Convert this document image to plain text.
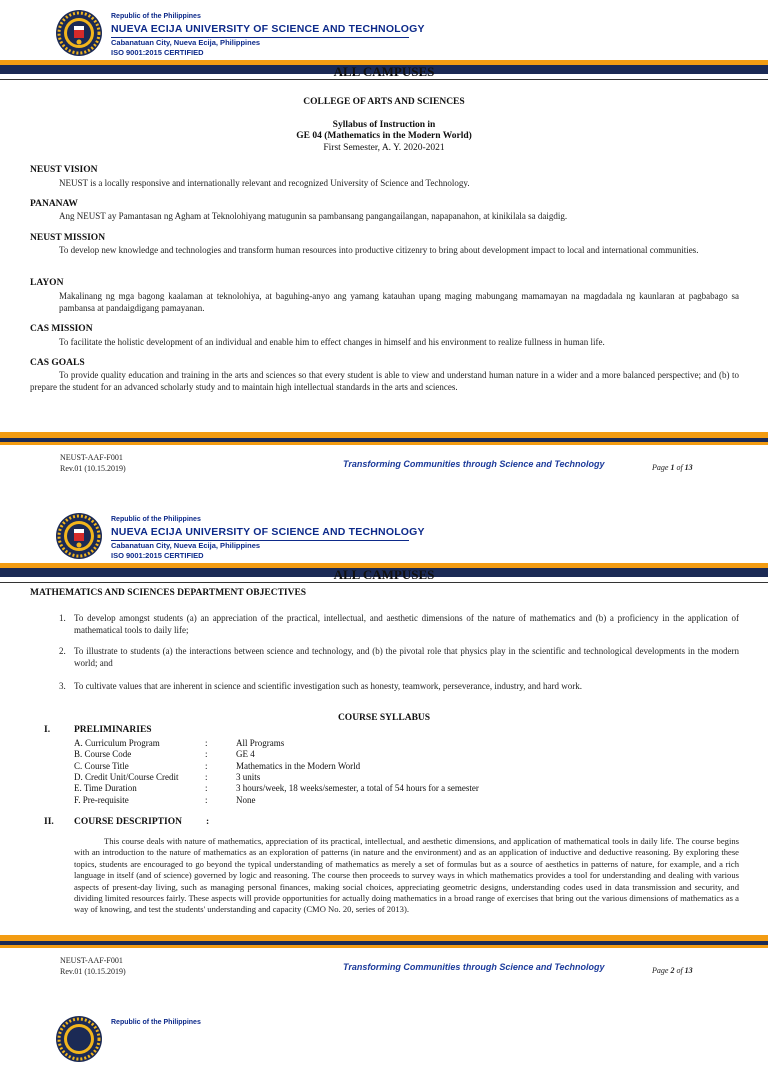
Republic of the Philippines
NUEVA ECIJA UNIVERSITY OF SCIENCE AND TECHNOLOGY
Cabanatuan City, Nueva Ecija, Philippines
ISO 9001:2015 CERTIFIED
ALL CAMPUSES
COLLEGE OF ARTS AND SCIENCES
Syllabus of Instruction in
GE 04 (Mathematics in the Modern World)
First Semester, A. Y. 2020-2021
NEUST VISION
NEUST is a locally responsive and internationally relevant and recognized University of Science and Technology.
PANANAW
Ang NEUST ay Pamantasan ng Agham at Teknolohiyang matugunin sa pambansang pangangailangan, napapanahon, at kinikilala sa daigdig.
NEUST MISSION
To develop new knowledge and technologies and transform human resources into productive citizenry to bring about development impact to local and international communities.
LAYON
Makalinang ng mga bagong kaalaman at teknolohiya, at baguhing-anyo ang yamang katauhan upang maging mabungang mamamayan na magdadala ng kaunlaran at pagbabago sa pambansa at pandaigdigang pamayanan.
CAS MISSION
To facilitate the holistic development of an individual and enable him to effect changes in himself and his environment to realize fullness in human life.
CAS GOALS
To provide quality education and training in the arts and sciences so that every student is able to view and understand human nature in a wider and a more balanced perspective; and (b) to prepare the student for an advanced scholarly study and to maintain high intellectual standards in the arts and sciences.
NEUST-AAF-F001
Rev.01 (10.15.2019)	Transforming Communities through Science and Technology	Page 1 of 13
Republic of the Philippines
NUEVA ECIJA UNIVERSITY OF SCIENCE AND TECHNOLOGY
Cabanatuan City, Nueva Ecija, Philippines
ISO 9001:2015 CERTIFIED
ALL CAMPUSES
MATHEMATICS AND SCIENCES DEPARTMENT OBJECTIVES
1. To develop amongst students (a) an appreciation of the practical, intellectual, and aesthetic dimensions of the nature of mathematics and (b) a proficiency in the application of mathematical tools to daily life;
2. To illustrate to students (a) the interactions between science and technology, and (b) the pivotal role that physics play in the scientific and technological developments in the modern world; and
3. To cultivate values that are inherent in science and scientific investigation such as honesty, teamwork, perseverance, industry, and hard work.
COURSE SYLLABUS
I.	PRELIMINARIES
A. Curriculum Program	:	All Programs
B. Course Code	:	GE 4
C. Course Title	:	Mathematics in the Modern World
D. Credit Unit/Course Credit	:	3 units
E. Time Duration	:	3 hours/week, 18 weeks/semester, a total of 54 hours for a semester
F. Pre-requisite	:	None
II. COURSE DESCRIPTION	:
This course deals with nature of mathematics, appreciation of its practical, intellectual, and aesthetic dimensions, and application of mathematical tools in daily life. The course begins with an introduction to the nature of mathematics as an exploration of patterns (in nature and the environment) and as an application of inductive and deductive reasoning. By exploring these topics, students are encouraged to go beyond the typical understanding of mathematics as merely a set of formulas but as a source of aesthetics in patterns of nature, for example, and a rich language in itself (and of science) governed by logic and reasoning. The course then proceeds to survey ways in which mathematics provides a tool for understanding and dealing with various aspects of present-day living, such as managing personal finances, making social choices, appreciating geometric designs, understanding codes used in data transmission and security, and dividing limited resources fairly. These aspects will provide opportunities for actually doing mathematics in a broad range of exercises that bring out the various dimensions of mathematics as a way of knowing, and test the students' understanding and capacity (CMO No. 20, series of 2013).
NEUST-AAF-F001
Rev.01 (10.15.2019)	Transforming Communities through Science and Technology	Page 2 of 13
Republic of the Philippines
